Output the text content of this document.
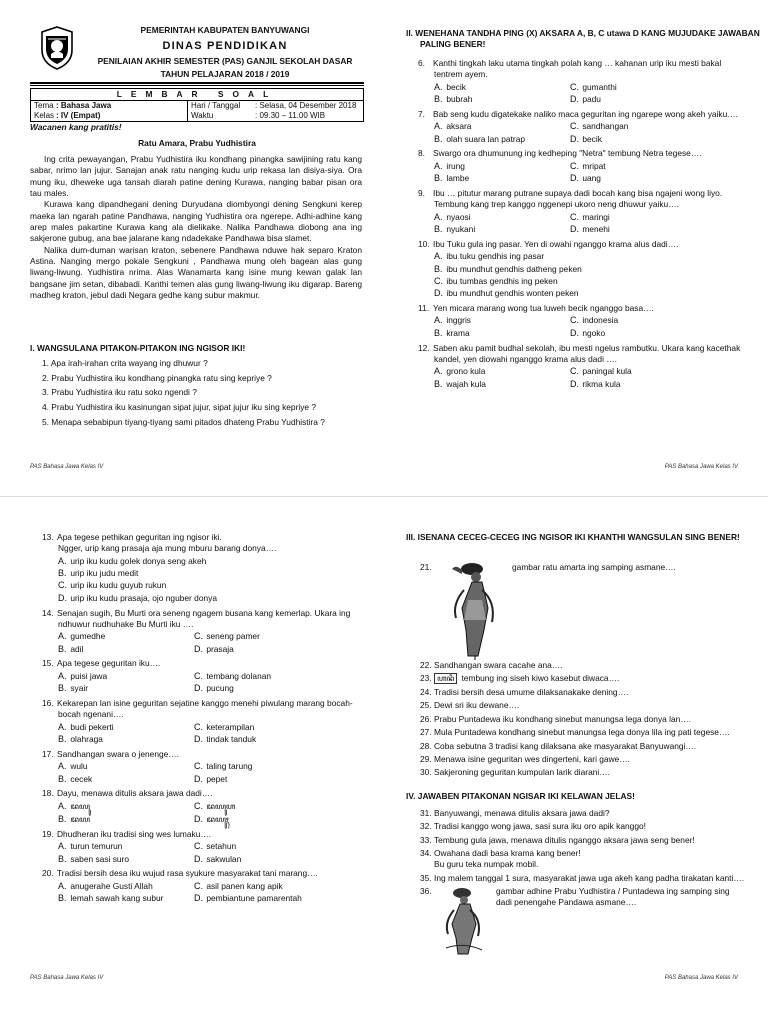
PEMERINTAH KABUPATEN BANYUWANGI
DINAS PENDIDIKAN
PENILAIAN AKHIR SEMESTER (PAS) GANJIL SEKOLAH DASAR
TAHUN PELAJARAN 2018 / 2019
LEMBAR SOAL

Tema : Bahasa Jawa
Kelas : IV (Empat)

Hari / Tanggal : Selasa, 04 Desember 2018
Waktu	: 09.30 – 11.00 WIB
Wacanen kang pratitis!
Ratu Amara, Prabu Yudhistira
Ing crita pewayangan, Prabu Yudhistira iku kondhang pinangka sawijining ratu kang sabar, nrimo lan jujur. Sanajan anak ratu nanging kudu urip rekasa lan disiya-siya. Ora mung iku, dheweke uga tansah diarah patine dening Kurawa, nanging babar pisan ora tau males.
Kurawa kang dipandhegani dening Duryudana diombyongi dening Sengkuni kerep maeka lan ngarah patine Pandhawa, nanging Yudhistira ora ngerepe. Adhi-adhine kang arep males pakartine Kurawa kang ala dielikake. Nalika Pandhawa diobong ana ing sakjerone gubug, ana bae jalarane kang ndadekake Pandhawa bisa slamet.
Nalika dum-duman warisan kraton, sebenere Pandhawa nduwe hak separo Kraton Astina. Nanging mergo pokale Sengkuni , Pandhawa mung oleh bagean alas gung liwang-liwung. Yudhistira nrima. Alas Wanamarta kang isine mung kewan galak lan bangsane jim setan, dibabadi. Kanthi temen alas gung liwang-liwung iku digarap. Bareng madheg kraton, jebul dadi Negara gedhe kang subur makmur.
I. WANGSULANA PITAKON-PITAKON ING NGISOR IKI!
1. Apa irah-irahan crita wayang ing dhuwur ?
2. Prabu Yudhistira iku kondhang pinangka ratu sing kepriye ?
3. Prabu Yudhistira iku ratu soko ngendi ?
4. Prabu Yudhistira iku kasinungan sipat jujur, sipat jujur iku sing kepriye ?
5. Menapa sebabipun tiyang-tiyang sami pitados dhateng Prabu Yudhistira ?
PAS Bahasa Jawa Kelas IV
II. WENEHANA TANDHA PING (X) AKSARA A, B, C utawa D KANG MUJUDAKE JAWABAN PALING BENER!
6. Kanthi tingkah laku utama tingkah polah kang … kahanan urip iku mesti bakal tentrem ayem.
A. becik	C. gumanthi
B. bubrah	D. padu
7. Bab seng kudu digatekake naliko maca geguritan ing ngarepe wong akeh yaiku….
A. aksara	C. sandhangan
B. olah suara lan patrap	D. becik
8. Swargo ora dhumunung ing kedheping "Netra" tembung Netra tegese….
A. irung	C. mripat
B. lambe	D. uang
9. Ibu … pitutur marang putrane supaya dadi bocah kang bisa ngajeni wong liyo. Tembung kang trep kanggo nggenepi ukoro neng dhuwur yaiku….
A. nyaosi	C. maringi
B. nyukani	D. menehi
10. Ibu Tuku gula ing pasar. Yen di owahi nganggo krama alus dadi….
A. ibu tuku gendhis ing pasar
B. ibu mundhut gendhis datheng peken
C. ibu tumbas gendhis ing peken
D. ibu mundhut gendhis wonten peken
11. Yen micara marang wong tua luweh becik nganggo basa….
A. inggris	C. indonesia
B. krama	D. ngoko
12. Saben aku pamit budhal sekolah, ibu mesti ngelus rambutku. Ukara kang kacethak kandel, yen diowahi nganggo krama alus dadi ….
A. grono kula	C. paningal kula
B. wajah kula	D. rikma kula
PAS Bahasa Jawa Kelas IV
13. Apa tegese pethikan geguritan ing ngisor iki.
Ngger, urip kang prasaja aja mung mburu barang donya….
A. urip iku kudu golek donya seng akeh
B. urip iku judu medit
C. urip iku kudu guyub rukun
D. urip iku kudu prasaja, ojo nguber donya
14. Senajan sugih, Bu Murti ora seneng ngagem busana kang kemerlap. Ukara ing ndhuwur nudhuhake Bu Murti iku ….
A. gumedhe	C. seneng pamer
B. adil	D. prasaja
15. Apa tegese geguritan iku….
A. puisi jawa	C. tembang dolanan
B. syair	D. pucung
16. Kekarepan lan isine geguritan sejatine kanggo menehi piwulang marang bocah-bocah ngenani….
A. budi pekerti	C. keterampilan
B. olahraga	D. tindak tanduk
17. Sandhangan swara o jenenge….
A. wulu	C. taling tarung
B. cecek	D. pepet
18. Dayu, menawa ditulis aksara jawa dadi….
A. ꦢꦪꦸ	C. ꦢꦪꦸꦲ
B. ꦢꦪ	D. ꦢꦪꦸꦃ
19. Dhudheran iku tradisi sing wes lumaku….
A. turun temurun	C. setahun
B. saben sasi suro	D. sakwulan
20. Tradisi bersih desa iku wujud rasa syukure masyarakat tani marang….
A. anugerahe Gusti Allah	C. asil panen kang apik
B. lemah sawah kang subur	D. pembiantune pamarentah
PAS Bahasa Jawa Kelas IV
III. ISENANA CECEG-CECEG ING NGISOR IKI KHANTHI WANGSULAN SING BENER!
21.	gambar ratu amarta ing samping asmane….
22. Sandhangan swara cacahe ana….
23. ꦲꦤꦶ tembung ing siseh kiwo kasebut diwaca….
24. Tradisi bersih desa umume dilaksanakake dening….
25. Dewi sri iku dewane….
26. Prabu Puntadewa iku kondhang sinebut manungsa lega donya lan….
27. Mula Puntadewa kondhang sinebut manungsa lega donya lila ing pati tegese….
28. Coba sebutna 3 tradisi kang dilaksana ake masyarakat Banyuwangi….
29. Menawa isine geguritan wes dingerteni, kari gawe….
30. Sakjeroning geguritan kumpulan larik diarani….
IV. JAWABEN PITAKONAN NGISAR IKI KELAWAN JELAS!
31. Banyuwangi, menawa ditulis aksara jawa dadi?
32. Tradisi kanggo wong jawa, sasi sura iku oro apik kanggo!
33. Tembung gula jawa, menawa ditulis nganggo aksara jawa seng bener!
34. Owahana dadi basa krama kang bener!
Bu guru teka numpak mobil.
35. Ing malem tanggal 1 sura, masyarakat jawa uga akeh kang padha tirakatan kanti….
36.	gambar adhine Prabu Yudhistira / Puntadewa ing samping sing dadi penengahe Pandawa asmane….
PAS Bahasa Jawa Kelas IV
